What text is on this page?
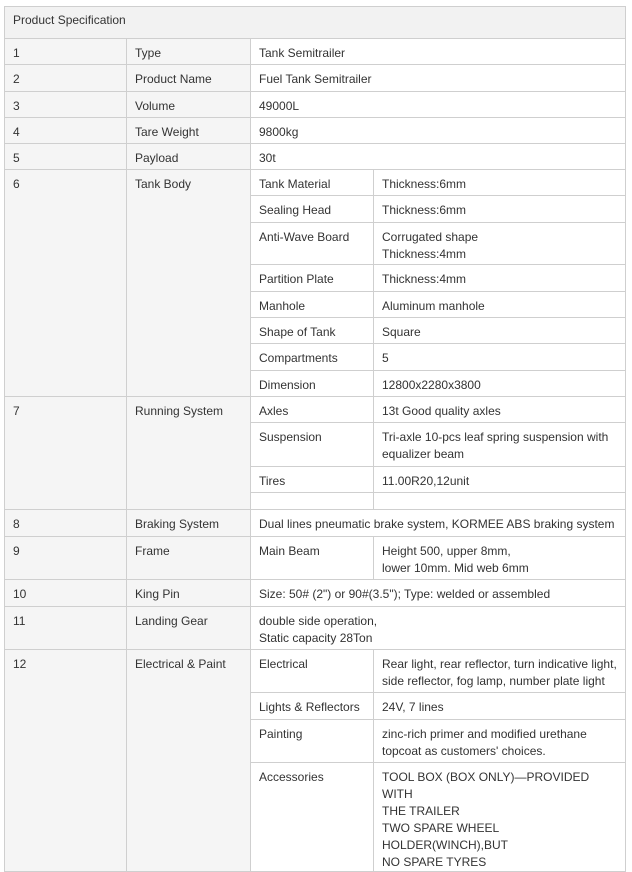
Product Specification			
1	Type	Tank Semitrailer	
2	Product Name	Fuel Tank Semitrailer	
3	Volume	49000L	
4	Tare Weight	9800kg	
5	Payload	30t	
6	Tank Body	Tank Material	Thickness:6mm
		Sealing Head	Thickness:6mm
		Anti-Wave Board	Corrugated shape
Thickness:4mm
		Partition Plate	Thickness:4mm
		Manhole	Aluminum manhole
		Shape of Tank	Square
		Compartments	5
		Dimension	12800x2280x3800
7	Running System	Axles	13t Good quality axles
		Suspension	Tri-axle 10-pcs leaf spring suspension with
equalizer beam
		Tires	11.00R20,12unit

8	Braking System	Dual lines pneumatic brake system, KORMEE ABS braking system	
9	Frame	Main Beam	Height 500, upper 8mm,
lower 10mm. Mid web 6mm
10	King Pin	Size: 50# (2") or 90#(3.5"); Type: welded or assembled	
11	Landing Gear	double side operation,
Static capacity 28Ton	
12	Electrical & Paint	Electrical	Rear light, rear reflector, turn indicative light,
side reflector, fog lamp, number plate light
		Lights & Reflectors	24V, 7 lines
		Painting	zinc-rich primer and modified urethane
topcoat as customers' choices.
		Accessories	TOOL BOX (BOX ONLY)—PROVIDED WITH
THE TRAILER
TWO SPARE WHEEL HOLDER(WINCH),BUT
NO SPARE TYRES
